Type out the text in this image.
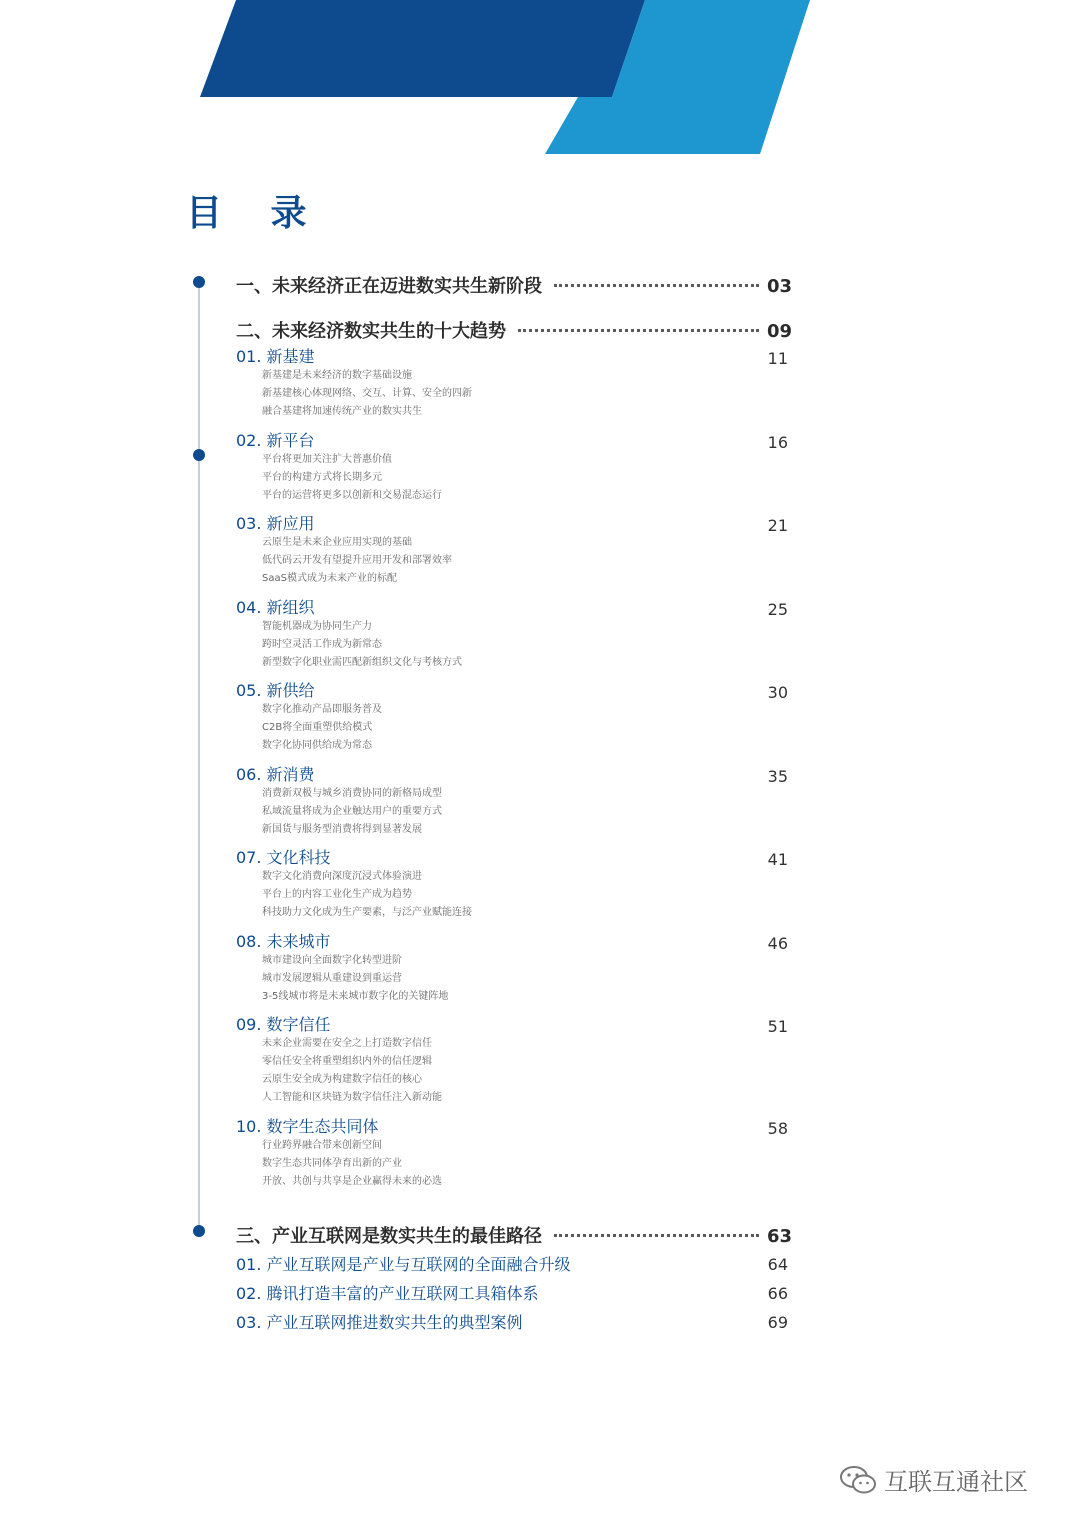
目 录
一、未来经济正在迈进数实共生新阶段	03
二、未来经济数实共生的十大趋势	09
01. 新基建	11
新基建是未来经济的数字基础设施
新基建核心体现网络、交互、计算、安全的四新
融合基建将加速传统产业的数实共生
02. 新平台	16
平台将更加关注扩大普惠价值
平台的构建方式将长期多元
平台的运营将更多以创新和交易混态运行
03. 新应用	21
云原生是未来企业应用实现的基础
低代码云开发有望提升应用开发和部署效率
SaaS模式成为未来产业的标配
04. 新组织	25
智能机器成为协同生产力
跨时空灵活工作成为新常态
新型数字化职业需匹配新组织文化与考核方式
05. 新供给	30
数字化推动产品即服务普及
C2B将全面重塑供给模式
数字化协同供给成为常态
06. 新消费	35
消费新双极与城乡消费协同的新格局成型
私域流量将成为企业触达用户的重要方式
新国货与服务型消费将得到显著发展
07. 文化科技	41
数字文化消费向深度沉浸式体验演进
平台上的内容工业化生产成为趋势
科技助力文化成为生产要素，与泛产业赋能连接
08. 未来城市	46
城市建设向全面数字化转型进阶
城市发展逻辑从重建设到重运营
3-5线城市将是未来城市数字化的关键阵地
09. 数字信任	51
未来企业需要在安全之上打造数字信任
零信任安全将重塑组织内外的信任逻辑
云原生安全成为构建数字信任的核心
人工智能和区块链为数字信任注入新动能
10. 数字生态共同体	58
行业跨界融合带来创新空间
数字生态共同体孕育出新的产业
开放、共创与共享是企业赢得未来的必选
三、产业互联网是数实共生的最佳路径	63
01. 产业互联网是产业与互联网的全面融合升级	64
02. 腾讯打造丰富的产业互联网工具箱体系	66
03. 产业互联网推进数实共生的典型案例	69
互联互通社区
